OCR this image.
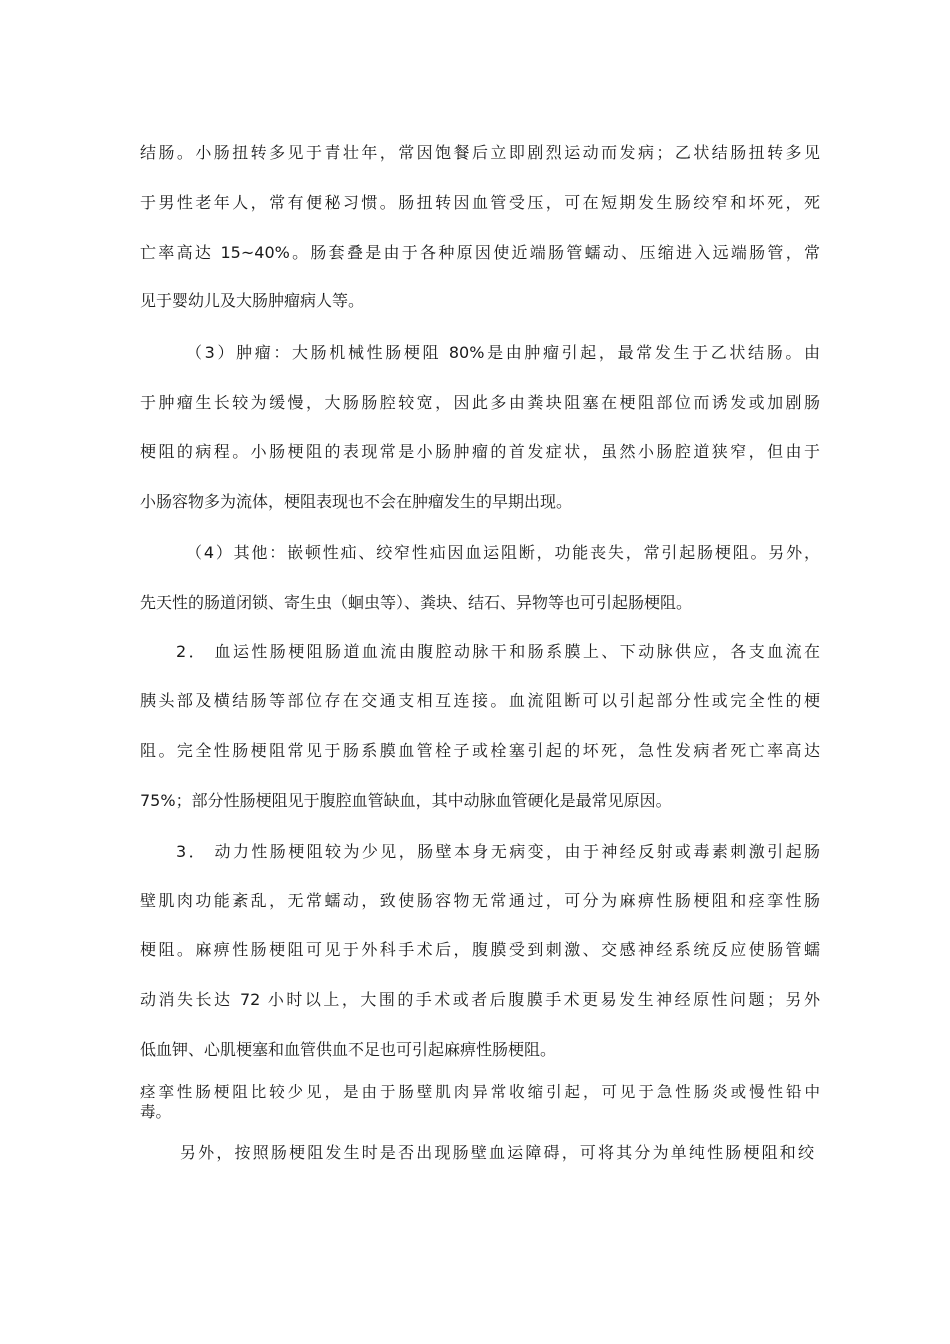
结肠。小肠扭转多见于青壮年，常因饱餐后立即剧烈运动而发病；乙状结肠扭转多见
于男性老年人，常有便秘习惯。肠扭转因血管受压，可在短期发生肠绞窄和坏死，死
亡率高达 15~40%。肠套叠是由于各种原因使近端肠管蠕动、压缩进入远端肠管，常
见于婴幼儿及大肠肿瘤病人等。
（3）肿瘤：大肠机械性肠梗阻 80%是由肿瘤引起，最常发生于乙状结肠。由
于肿瘤生长较为缓慢，大肠肠腔较宽，因此多由粪块阻塞在梗阻部位而诱发或加剧肠
梗阻的病程。小肠梗阻的表现常是小肠肿瘤的首发症状，虽然小肠腔道狭窄，但由于
小肠容物多为流体，梗阻表现也不会在肿瘤发生的早期出现。
（4）其他：嵌顿性疝、绞窄性疝因血运阻断，功能丧失，常引起肠梗阻。另外，
先天性的肠道闭锁、寄生虫（蛔虫等）、粪块、结石、异物等也可引起肠梗阻。
2． 血运性肠梗阻肠道血流由腹腔动脉干和肠系膜上、下动脉供应，各支血流在
胰头部及横结肠等部位存在交通支相互连接。血流阻断可以引起部分性或完全性的梗
阻。完全性肠梗阻常见于肠系膜血管栓子或栓塞引起的坏死，急性发病者死亡率高达
75%；部分性肠梗阻见于腹腔血管缺血，其中动脉血管硬化是最常见原因。
3． 动力性肠梗阻较为少见，肠壁本身无病变，由于神经反射或毒素刺激引起肠
壁肌肉功能紊乱，无常蠕动，致使肠容物无常通过，可分为麻痹性肠梗阻和痉挛性肠
梗阻。麻痹性肠梗阻可见于外科手术后，腹膜受到刺激、交感神经系统反应使肠管蠕
动消失长达 72 小时以上，大围的手术或者后腹膜手术更易发生神经原性问题；另外
低血钾、心肌梗塞和血管供血不足也可引起麻痹性肠梗阻。
痉挛性肠梗阻比较少见，是由于肠壁肌肉异常收缩引起，可见于急性肠炎或慢性铅中
毒。
另外，按照肠梗阻发生时是否出现肠壁血运障碍，可将其分为单纯性肠梗阻和绞
